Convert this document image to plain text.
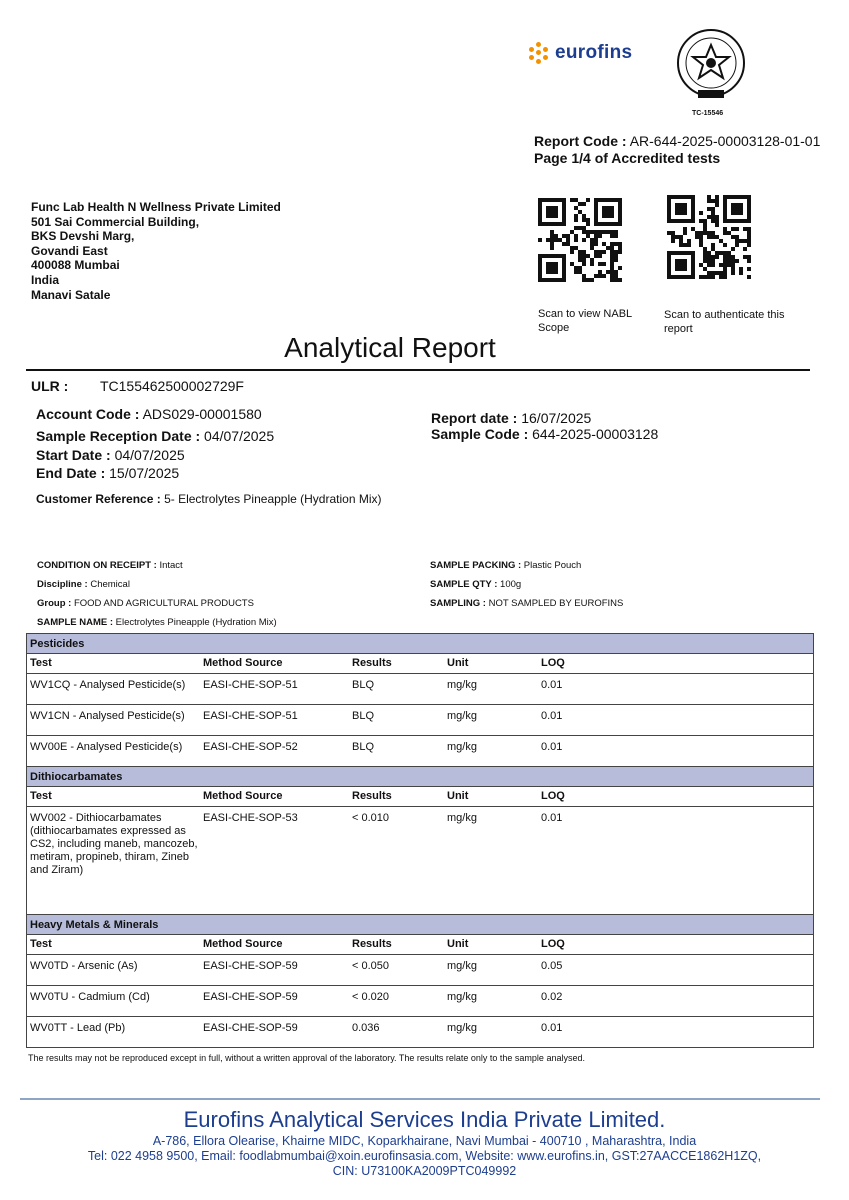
eurofins
TC-15546
Report Code : AR-644-2025-00003128-01-01
Page 1/4 of Accredited tests
Func Lab Health N Wellness Private Limited
501 Sai Commercial Building,
BKS Devshi Marg,
Govandi East
400088 Mumbai
India
Manavi Satale
Scan to view NABL Scope
Scan to authenticate this report
Analytical Report
ULR : TC155462500002729F
Account Code : ADS029-00001580
Sample Reception Date : 04/07/2025
Start Date : 04/07/2025
End Date : 15/07/2025
Report date : 16/07/2025
Sample Code : 644-2025-00003128
Customer Reference : 5- Electrolytes Pineapple (Hydration Mix)
CONDITION ON RECEIPT : Intact
Discipline : Chemical
Group : FOOD AND AGRICULTURAL PRODUCTS
SAMPLE NAME : Electrolytes Pineapple (Hydration Mix)
SAMPLE PACKING : Plastic Pouch
SAMPLE QTY : 100g
SAMPLING : NOT SAMPLED BY EUROFINS
Pesticides
Test	Method Source	Results	Unit	LOQ
WV1CQ - Analysed Pesticide(s)	EASI-CHE-SOP-51	BLQ	mg/kg	0.01
WV1CN - Analysed Pesticide(s)	EASI-CHE-SOP-51	BLQ	mg/kg	0.01
WV00E - Analysed Pesticide(s)	EASI-CHE-SOP-52	BLQ	mg/kg	0.01
Dithiocarbamates
Test	Method Source	Results	Unit	LOQ
WV002 - Dithiocarbamates (dithiocarbamates expressed as CS2, including maneb, mancozeb, metiram, propineb, thiram, Zineb and Ziram)
EASI-CHE-SOP-53	< 0.010	mg/kg	0.01
Heavy Metals & Minerals
Test	Method Source	Results	Unit	LOQ
WV0TD - Arsenic (As)	EASI-CHE-SOP-59	< 0.050	mg/kg	0.05
WV0TU - Cadmium (Cd)	EASI-CHE-SOP-59	< 0.020	mg/kg	0.02
WV0TT - Lead (Pb)	EASI-CHE-SOP-59	0.036	mg/kg	0.01
The results may not be reproduced except in full, without a written approval of the laboratory. The results relate only to the sample analysed.
Eurofins Analytical Services India Private Limited.
A-786, Ellora Olearise, Khairne MIDC, Koparkhairane, Navi Mumbai - 400710 , Maharashtra, India
Tel: 022 4958 9500, Email: foodlabmumbai@xoin.eurofinsasia.com, Website: www.eurofins.in, GST:27AACCE1862H1ZQ,
CIN: U73100KA2009PTC049992
